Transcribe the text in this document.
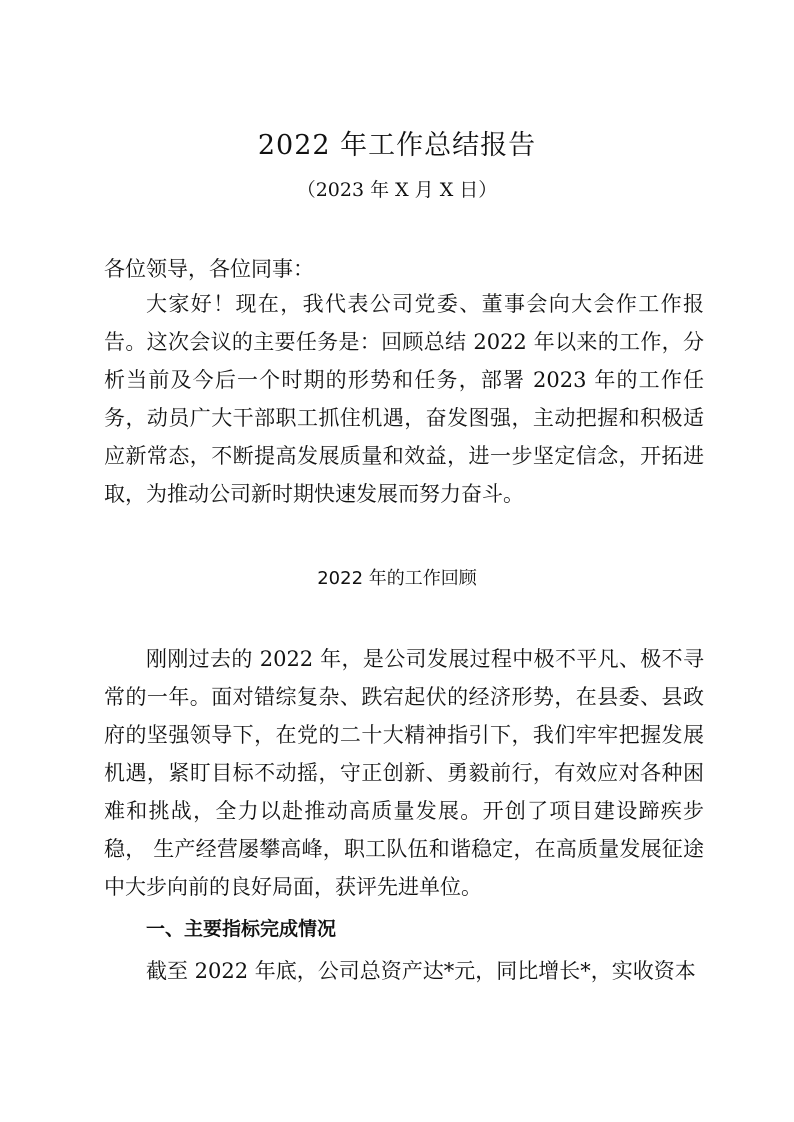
2022 年工作总结报告

（2023 年 X 月 X 日）

各位领导，各位同事：

大家好！现在，我代表公司党委、董事会向大会作工作报告。这次会议的主要任务是：回顾总结 2022 年以来的工作，分析当前及今后一个时期的形势和任务，部署 2023 年的工作任务，动员广大干部职工抓住机遇，奋发图强，主动把握和积极适应新常态，不断提高发展质量和效益，进一步坚定信念，开拓进取，为推动公司新时期快速发展而努力奋斗。

2022 年的工作回顾

刚刚过去的 2022 年，是公司发展过程中极不平凡、极不寻常的一年。面对错综复杂、跌宕起伏的经济形势，在县委、县政府的坚强领导下，在党的二十大精神指引下，我们牢牢把握发展机遇，紧盯目标不动摇，守正创新、勇毅前行，有效应对各种困难和挑战，全力以赴推动高质量发展。开创了项目建设蹄疾步稳， 生产经营屡攀高峰，职工队伍和谐稳定，在高质量发展征途中大步向前的良好局面，获评先进单位。

一、主要指标完成情况

截至 2022 年底，公司总资产达*元，同比增长*，实收资本
